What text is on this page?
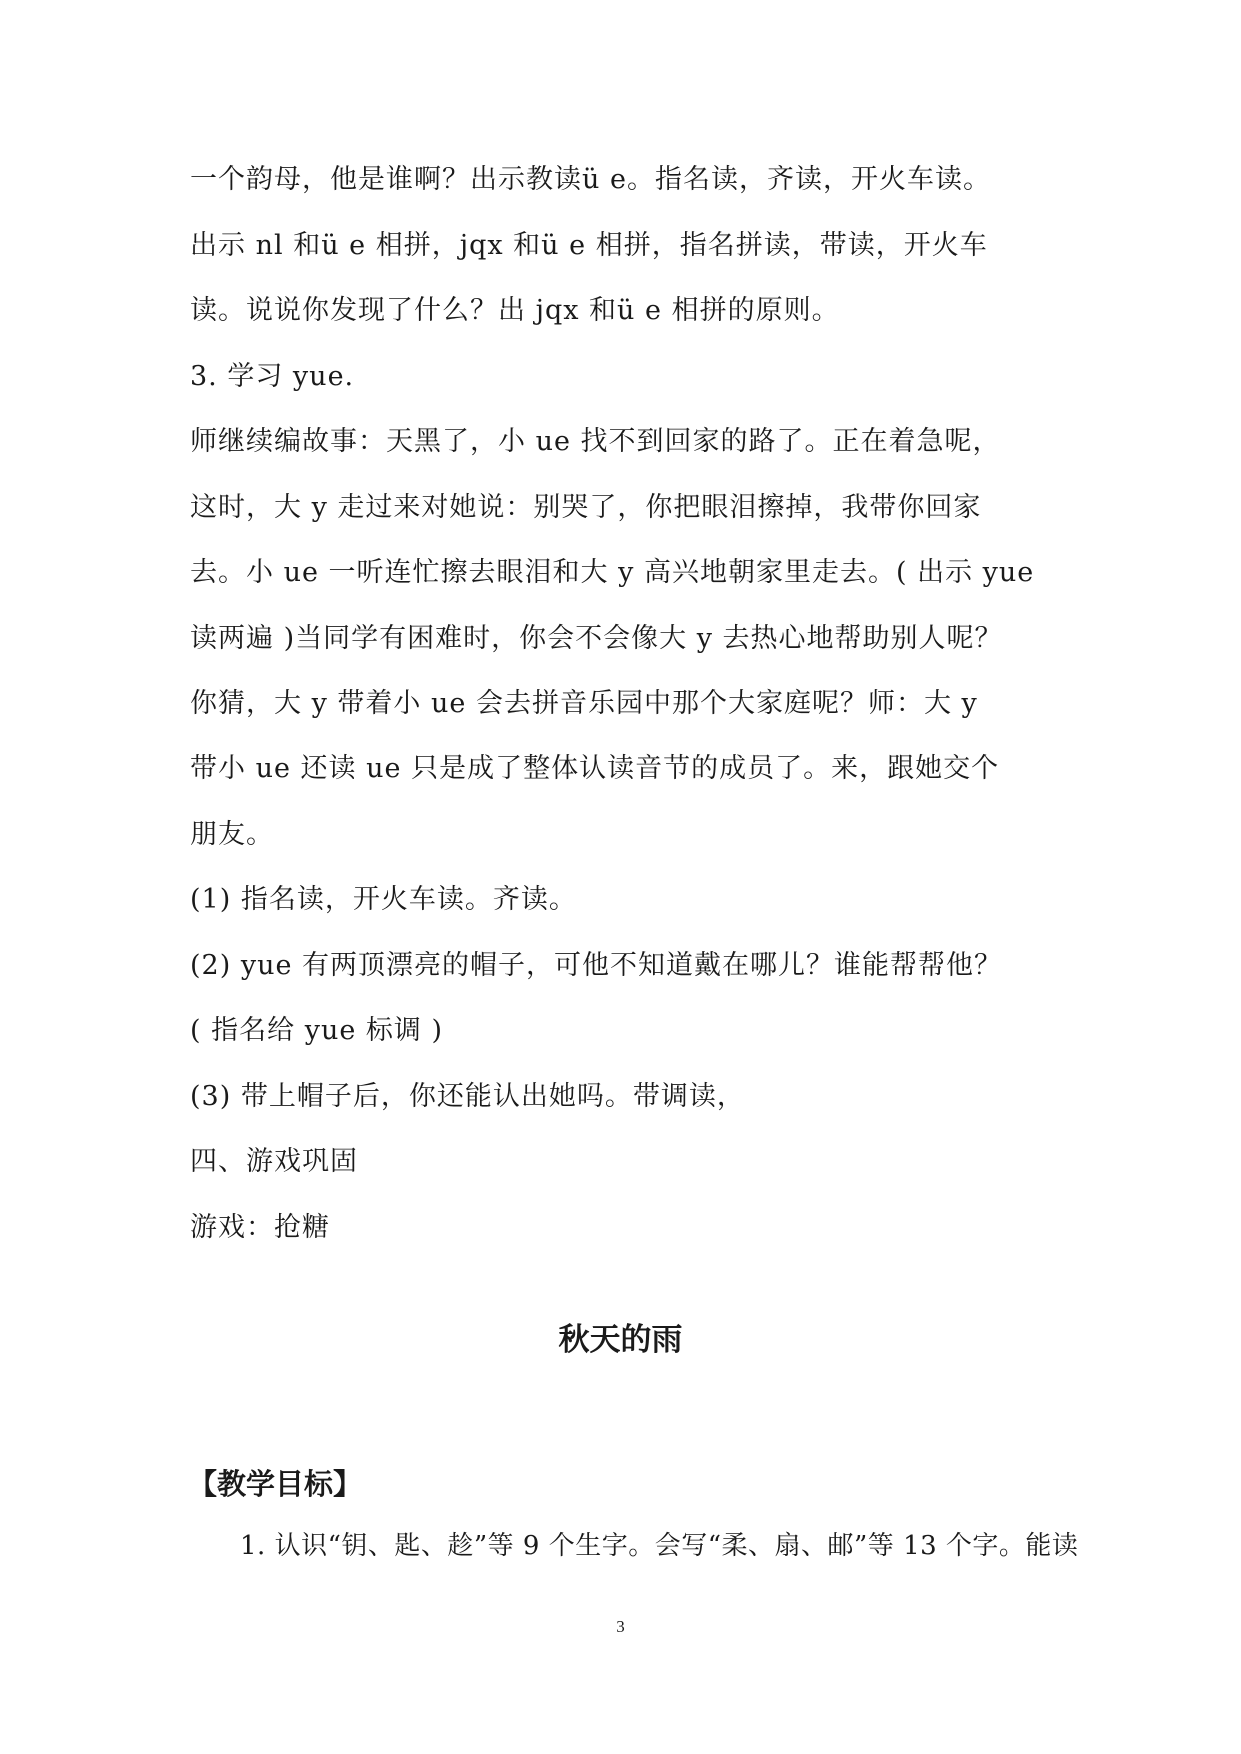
一个韵母，他是谁啊？出示教读ü e。指名读，齐读，开火车读。
出示 nl 和ü e 相拼，jqx 和ü e 相拼，指名拼读，带读，开火车
读。说说你发现了什么？出 jqx 和ü e 相拼的原则。
3. 学习 yue.
师继续编故事：天黑了，小 ue 找不到回家的路了。正在着急呢，
这时，大 y 走过来对她说：别哭了，你把眼泪擦掉，我带你回家
去。小 ue 一听连忙擦去眼泪和大 y 高兴地朝家里走去。( 出示 yue
读两遍 )当同学有困难时，你会不会像大 y 去热心地帮助别人呢？
你猜，大 y 带着小 ue 会去拼音乐园中那个大家庭呢？师：大 y
带小 ue 还读 ue 只是成了整体认读音节的成员了。来，跟她交个
朋友。
(1) 指名读，开火车读。齐读。
(2) yue 有两顶漂亮的帽子，可他不知道戴在哪儿？谁能帮帮他？
( 指名给 yue 标调 )
(3) 带上帽子后，你还能认出她吗。带调读，
四、游戏巩固
游戏：抢糖
秋天的雨
【教学目标】
1. 认识“钥、匙、趁”等 9 个生字。会写“柔、扇、邮”等 13 个字。能读
3
